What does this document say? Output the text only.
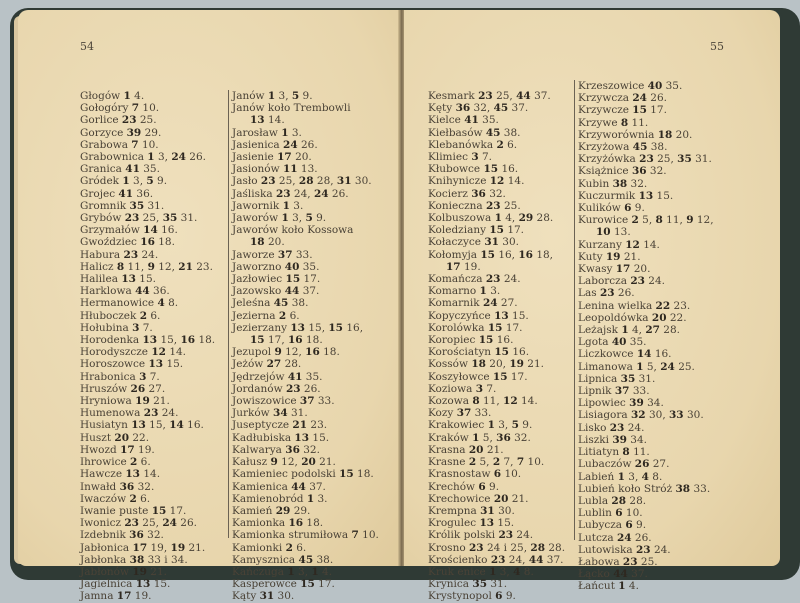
54
Głogów 1 4.
Gołogóry 7 10.
Gorlice 23 25.
Gorzyce 39 29.
Grabowa 7 10.
Grabownica 1 3, 24 26.
Granica 41 35.
Gródek 1 3, 5 9.
Grojec 41 36.
Gromnik 35 31.
Grybów 23 25, 35 31.
Grzymałów 14 16.
Gwoździec 16 18.
Habura 23 24.
Halicz 8 11, 9 12, 21 23.
Halilea 13 15.
Harklowa 44 36.
Hermanowice 4 8.
Hłuboczek 2 6.
Hołubina 3 7.
Horodenka 13 15, 16 18.
Horodyszcze 12 14.
Horoszowce 13 15.
Hrabonica 3 7.
Hruszów 26 27.
Hryniowa 19 21.
Humenowa 23 24.
Husiatyn 13 15, 14 16.
Huszt 20 22.
Hwozd 17 19.
Ihrowice 2 6.
Hawcze 13 14.
Inwałd 36 32.
Iwaczów 2 6.
Iwanie puste 15 17.
Iwonicz 23 25, 24 26.
Izdebnik 36 32.
Jabłonica 17 19, 19 21.
Jabłonka 38 33 i 34.
Jabłonów 19 21.
Jagielnica 13 15.
Jamna 17 19.
Janów 1 3, 5 9.
Janów koło Trembowli
13 14.
Jarosław 1 3.
Jasienica 24 26.
Jasienie 17 20.
Jasionów 11 13.
Jasło 23 25, 28 28, 31 30.
Jaśliska 23 24, 24 26.
Jawornik 1 3.
Jaworów 1 3, 5 9.
Jaworów koło Kossowa
18 20.
Jaworze 37 33.
Jaworzno 40 35.
Jazłowiec 15 17.
Jazowsko 44 37.
Jeleśna 45 38.
Jezierna 2 6.
Jezierzany 13 15, 15 16,
15 17, 16 18.
Jezupol 9 12, 16 18.
Jeżów 27 28.
Jędrzejów 41 35.
Jordanów 23 26.
Jowiszowice 37 33.
Jurków 34 31.
Juseptycze 21 23.
Kadłubiska 13 15.
Kalwarya 36 32.
Kałusz 9 12, 20 21.
Kamieniec podolski 15 18.
Kamienica 44 37.
Kamienobród 1 3.
Kamień 29 29.
Kamionka 16 18.
Kamionka strumiłowa 7 10.
Kamionki 2 6.
Kamysznica 45 38.
Kańczuga 1 3, 1 4.
Kasperowce 15 17.
Kąty 31 30.
55
Kesmark 23 25, 44 37.
Kęty 36 32, 45 37.
Kielce 41 35.
Kiełbasów 45 38.
Klebanówka 2 6.
Klimiec 3 7.
Kłubowce 15 16.
Knihynicze 12 14.
Kocierz 36 32.
Konieczna 23 25.
Kolbuszowa 1 4, 29 28.
Koledziany 15 17.
Kołaczyce 31 30.
Kołomyja 15 16, 16 18,
17 19.
Komańcza 23 24.
Komarno 1 3.
Komarnik 24 27.
Kopyczyńce 13 15.
Korolówka 15 17.
Koropiec 15 16.
Korościatyn 15 16.
Kossów 18 20, 19 21.
Koszyłowce 15 17.
Koziowa 3 7.
Kozowa 8 11, 12 14.
Kozy 37 33.
Krakowiec 1 3, 5 9.
Kraków 1 5, 36 32.
Krasna 20 21.
Krasne 2 5, 2 7, 7 10.
Krasnostaw 6 10.
Krechów 6 9.
Krechowice 20 21.
Krempna 31 30.
Krogulec 13 15.
Królik polski 23 24.
Krosno 23 24 i 25, 28 28.
Krościenko 23 24, 44 37.
Kruk enice 1 3, 4 8.
Krynica 35 31.
Krystynopol 6 9.
Krzeszowice 40 35.
Krzywcza 24 26.
Krzywcze 15 17.
Krzywe 8 11.
Krzyworównia 18 20.
Krzyżowa 45 38.
Krzyżówka 23 25, 35 31.
Książnice 36 32.
Kubin 38 32.
Kuczurmik 13 15.
Kulików 6 9.
Kurowice 2 5, 8 11, 9 12,
10 13.
Kurzany 12 14.
Kuty 19 21.
Kwasy 17 20.
Laborcza 23 24.
Las 23 26.
Lenina wielka 22 23.
Leopoldówka 20 22.
Leżajsk 1 4, 27 28.
Lgota 40 35.
Liczkowce 14 16.
Limanowa 1 5, 24 25.
Lipnica 35 31.
Lipnik 37 33.
Lipowiec 39 34.
Lisiagora 32 30, 33 30.
Lisko 23 24.
Liszki 39 34.
Litiatyn 8 11.
Lubaczów 26 27.
Labień 1 3, 4 8.
Lubień koło Stróż 38 33.
Lubla 28 28.
Lublin 6 10.
Lubycza 6 9.
Lutcza 24 26.
Lutowiska 23 24.
Łabowa 23 25.
Łącko 44 37.
Łańcut 1 4.
